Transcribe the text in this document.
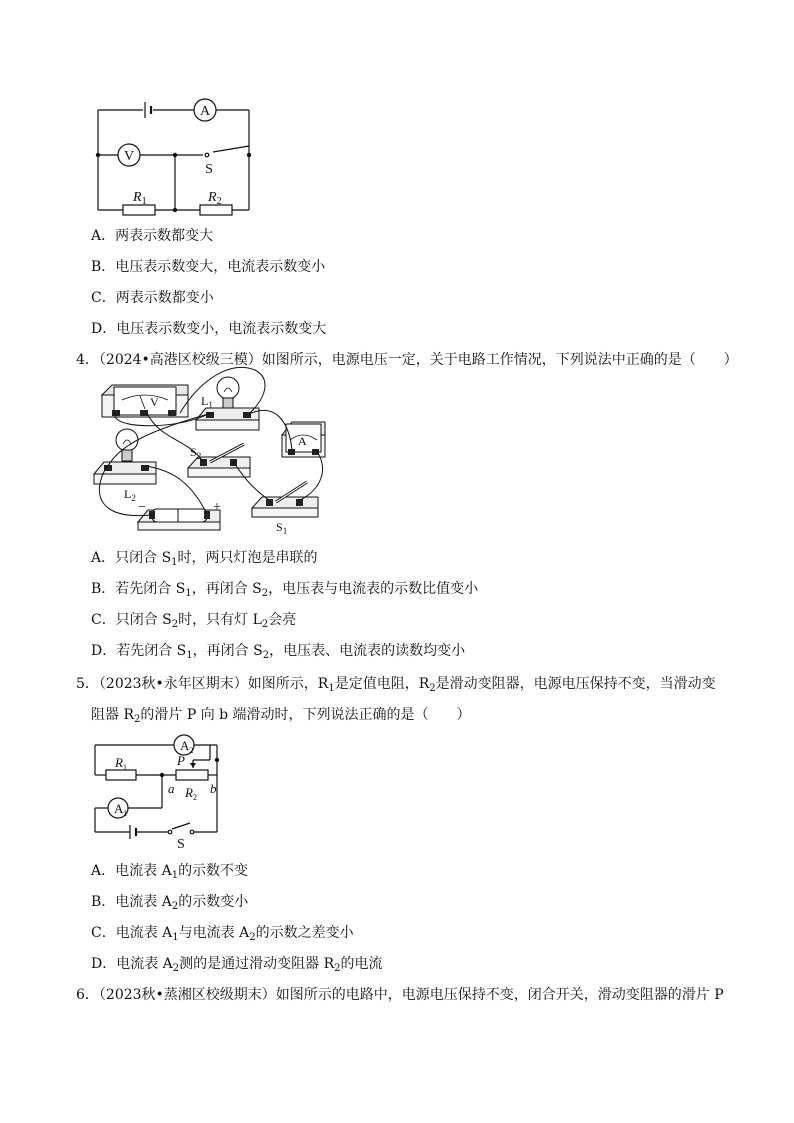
A
V
S
$R_1$	$R_2$
A．两表示数都变大
B．电压表示数变大，电流表示数变小
C．两表示数都变小
D．电压表示数变小，电流表示数变大
4．（2024•高港区校级三模）如图所示，电源电压一定，关于电路工作情况，下列说法中正确的是（　　）
V
A
$L_1$
$L_2$
$S_2$
−	+
$S_1$
A．只闭合 $S_1$时，两只灯泡是串联的
B．若先闭合 $S_1$，再闭合 $S_2$，电压表与电流表的示数比值变小
C．只闭合 $S_2$时，只有灯 $L_2$会亮
D．若先闭合 $S_1$，再闭合 $S_2$，电压表、电流表的读数均变小
5．（2023秋•永年区期末）如图所示，$R_1$是定值电阻，$R_2$是滑动变阻器，电源电压保持不变，当滑动变
阻器 $R_2$的滑片 P 向 b 端滑动时，下列说法正确的是（　　）
$A_2$
$A_1$
$R_1$
$R_2$
P
a	b
S
A．电流表 $A_1$的示数不变
B．电流表 $A_2$的示数变小
C．电流表 $A_1$与电流表 $A_2$的示数之差变小
D．电流表 $A_2$测的是通过滑动变阻器 $R_2$的电流
6．（2023秋•蒸湘区校级期末）如图所示的电路中，电源电压保持不变，闭合开关，滑动变阻器的滑片 P
